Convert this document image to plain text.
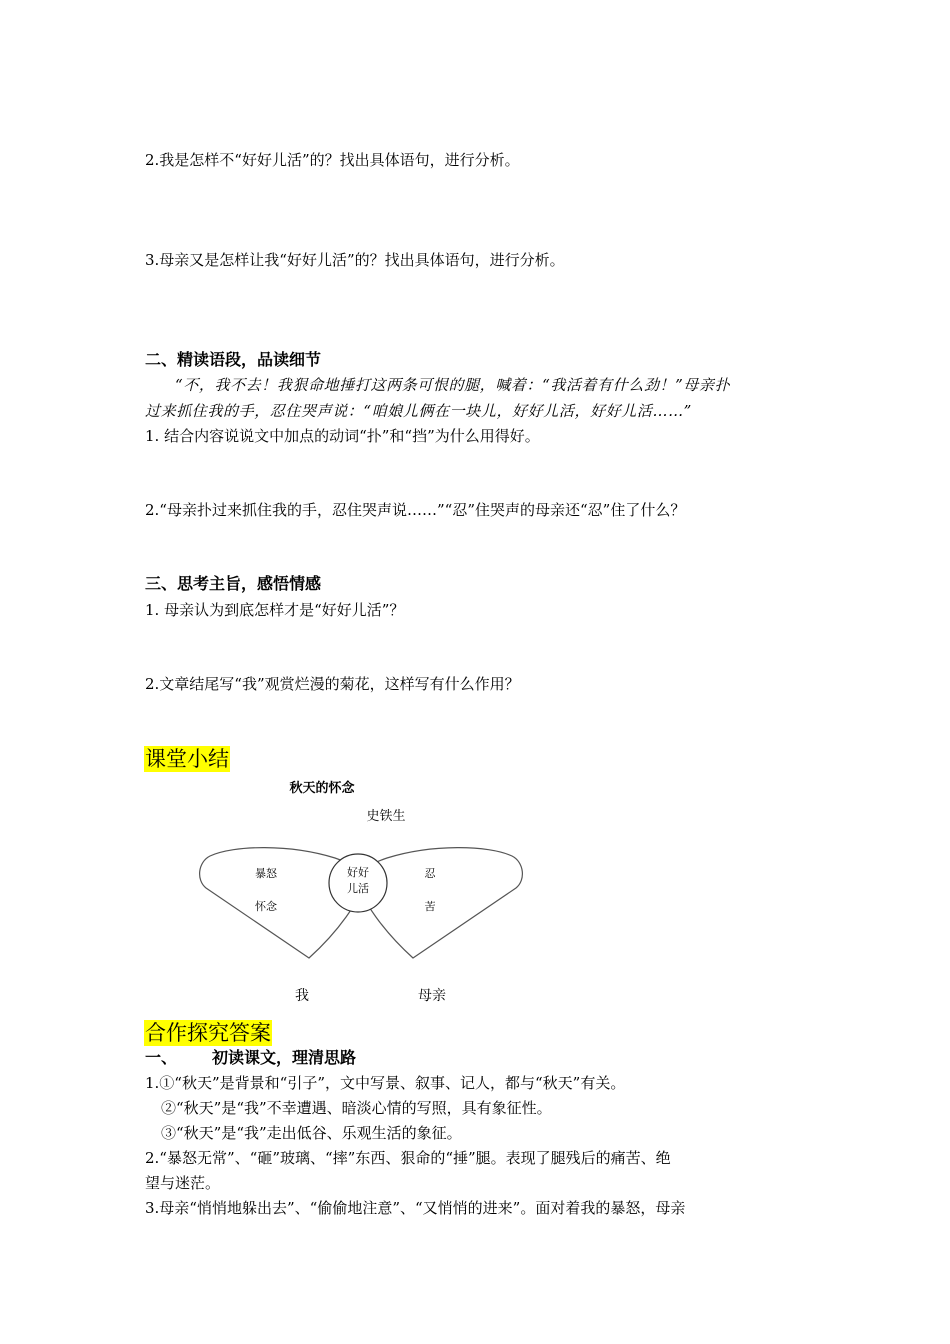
2.我是怎样不“好好儿活”的？找出具体语句，进行分析。
3.母亲又是怎样让我“好好儿活”的？找出具体语句，进行分析。
二、精读语段，品读细节
“不，我不去！我狠命地捶打这两条可恨的腿，喊着：“我活着有什么劲！”母亲扑
过来抓住我的手，忍住哭声说：“咱娘儿俩在一块儿，好好儿活，好好儿活……”
1. 结合内容说说文中加点的动词“扑”和“挡”为什么用得好。
2.“母亲扑过来抓住我的手，忍住哭声说……”“忍”住哭声的母亲还“忍”住了什么？
三、思考主旨，感悟情感
1. 母亲认为到底怎样才是“好好儿活”？
2.文章结尾写“我”观赏烂漫的菊花，这样写有什么作用？
课堂小结
秋天的怀念
史铁生
暴怒
怀念
好好
儿活
忍
苦
我	母亲
合作探究答案
一、 初读课文，理清思路
1.①“秋天”是背景和“引子”，文中写景、叙事、记人，都与“秋天”有关。
②“秋天”是“我”不幸遭遇、暗淡心情的写照，具有象征性。
③“秋天”是“我”走出低谷、乐观生活的象征。
2.“暴怒无常”、“砸”玻璃、“摔”东西、狠命的“捶”腿。表现了腿残后的痛苦、绝
望与迷茫。
3.母亲“悄悄地躲出去”、“偷偷地注意”、“又悄悄的进来”。面对着我的暴怒，母亲
